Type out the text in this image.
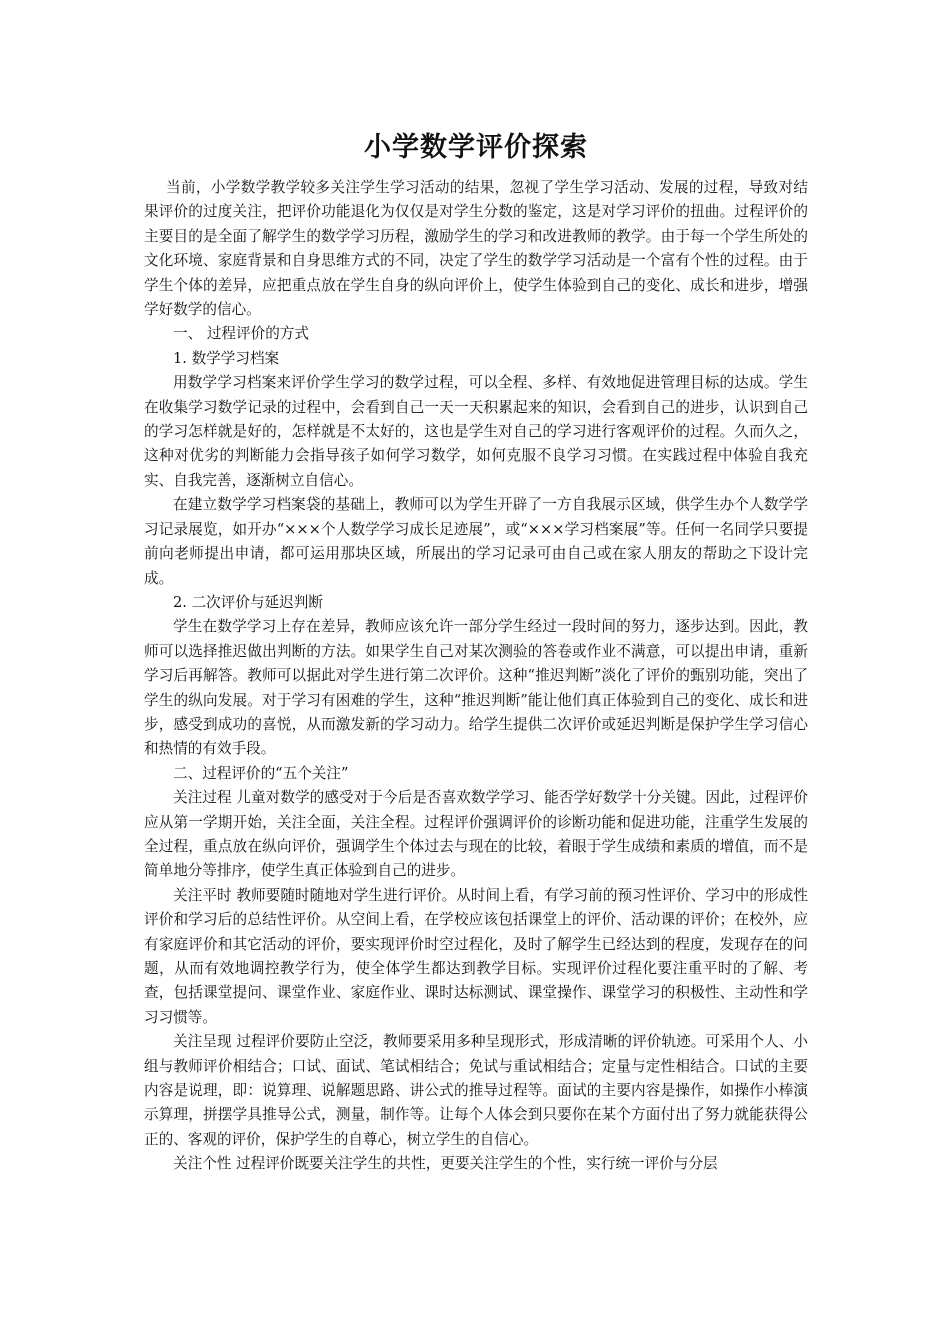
小学数学评价探索

当前，小学数学教学较多关注学生学习活动的结果，忽视了学生学习活动、发展的过程，导致对结果评价的过度关注，把评价功能退化为仅仅是对学生分数的鉴定，这是对学习评价的扭曲。过程评价的主要目的是全面了解学生的数学学习历程，激励学生的学习和改进教师的教学。由于每一个学生所处的文化环境、家庭背景和自身思维方式的不同，决定了学生的数学学习活动是一个富有个性的过程。由于学生个体的差异，应把重点放在学生自身的纵向评价上，使学生体验到自己的变化、成长和进步，增强学好数学的信心。

一、 过程评价的方式

1. 数学学习档案

用数学学习档案来评价学生学习的数学过程，可以全程、多样、有效地促进管理目标的达成。学生在收集学习数学记录的过程中，会看到自己一天一天积累起来的知识，会看到自己的进步，认识到自己的学习怎样就是好的，怎样就是不太好的，这也是学生对自己的学习进行客观评价的过程。久而久之，这种对优劣的判断能力会指导孩子如何学习数学，如何克服不良学习习惯。在实践过程中体验自我充实、自我完善，逐渐树立自信心。

在建立数学学习档案袋的基础上，教师可以为学生开辟了一方自我展示区域，供学生办个人数学学习记录展览，如开办“×××个人数学学习成长足迹展”，或“×××学习档案展”等。任何一名同学只要提前向老师提出申请，都可运用那块区域，所展出的学习记录可由自己或在家人朋友的帮助之下设计完成。

2. 二次评价与延迟判断

学生在数学学习上存在差异，教师应该允许一部分学生经过一段时间的努力，逐步达到。因此，教师可以选择推迟做出判断的方法。如果学生自己对某次测验的答卷或作业不满意，可以提出申请，重新学习后再解答。教师可以据此对学生进行第二次评价。这种“推迟判断”淡化了评价的甄别功能，突出了学生的纵向发展。对于学习有困难的学生，这种“推迟判断”能让他们真正体验到自己的变化、成长和进步，感受到成功的喜悦，从而激发新的学习动力。给学生提供二次评价或延迟判断是保护学生学习信心和热情的有效手段。

二、过程评价的“五个关注”

关注过程 儿童对数学的感受对于今后是否喜欢数学学习、能否学好数学十分关键。因此，过程评价应从第一学期开始，关注全面，关注全程。过程评价强调评价的诊断功能和促进功能，注重学生发展的全过程，重点放在纵向评价，强调学生个体过去与现在的比较，着眼于学生成绩和素质的增值，而不是简单地分等排序，使学生真正体验到自己的进步。

关注平时 教师要随时随地对学生进行评价。从时间上看，有学习前的预习性评价、学习中的形成性评价和学习后的总结性评价。从空间上看，在学校应该包括课堂上的评价、活动课的评价；在校外，应有家庭评价和其它活动的评价，要实现评价时空过程化，及时了解学生已经达到的程度，发现存在的问题，从而有效地调控教学行为，使全体学生都达到教学目标。实现评价过程化要注重平时的了解、考查，包括课堂提问、课堂作业、家庭作业、课时达标测试、课堂操作、课堂学习的积极性、主动性和学习习惯等。

关注呈现 过程评价要防止空泛，教师要采用多种呈现形式，形成清晰的评价轨迹。可采用个人、小组与教师评价相结合；口试、面试、笔试相结合；免试与重试相结合；定量与定性相结合。口试的主要内容是说理，即：说算理、说解题思路、讲公式的推导过程等。面试的主要内容是操作，如操作小棒演示算理，拼摆学具推导公式，测量，制作等。让每个人体会到只要你在某个方面付出了努力就能获得公正的、客观的评价，保护学生的自尊心，树立学生的自信心。

关注个性 过程评价既要关注学生的共性，更要关注学生的个性，实行统一评价与分层
